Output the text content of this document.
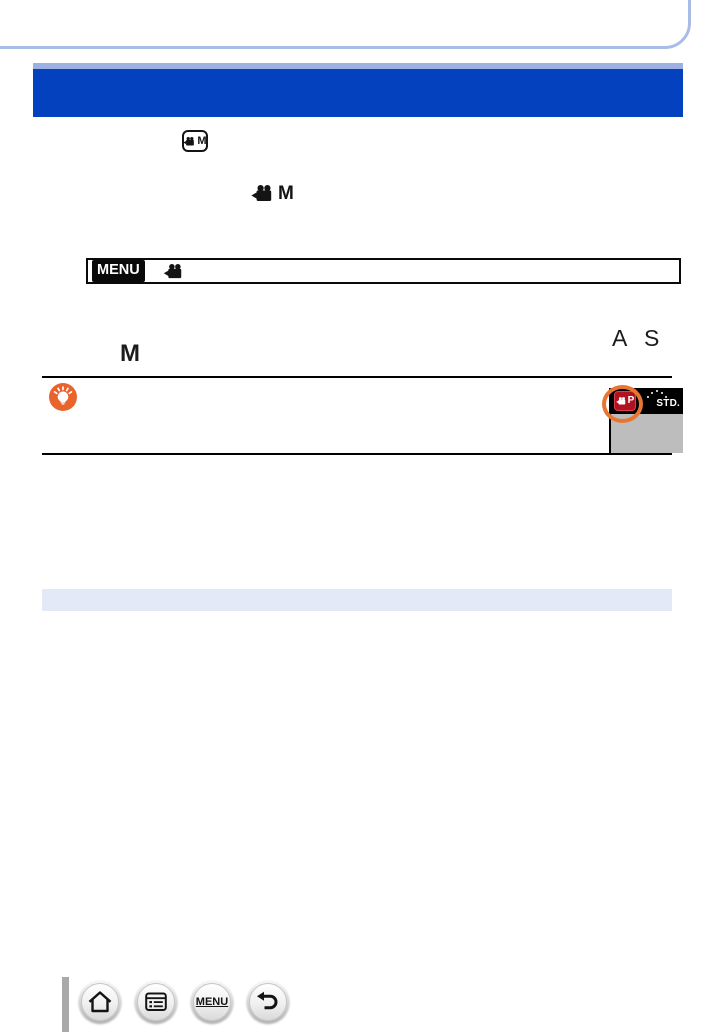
M
M
MENU
A S
M
P STD.
MENU
